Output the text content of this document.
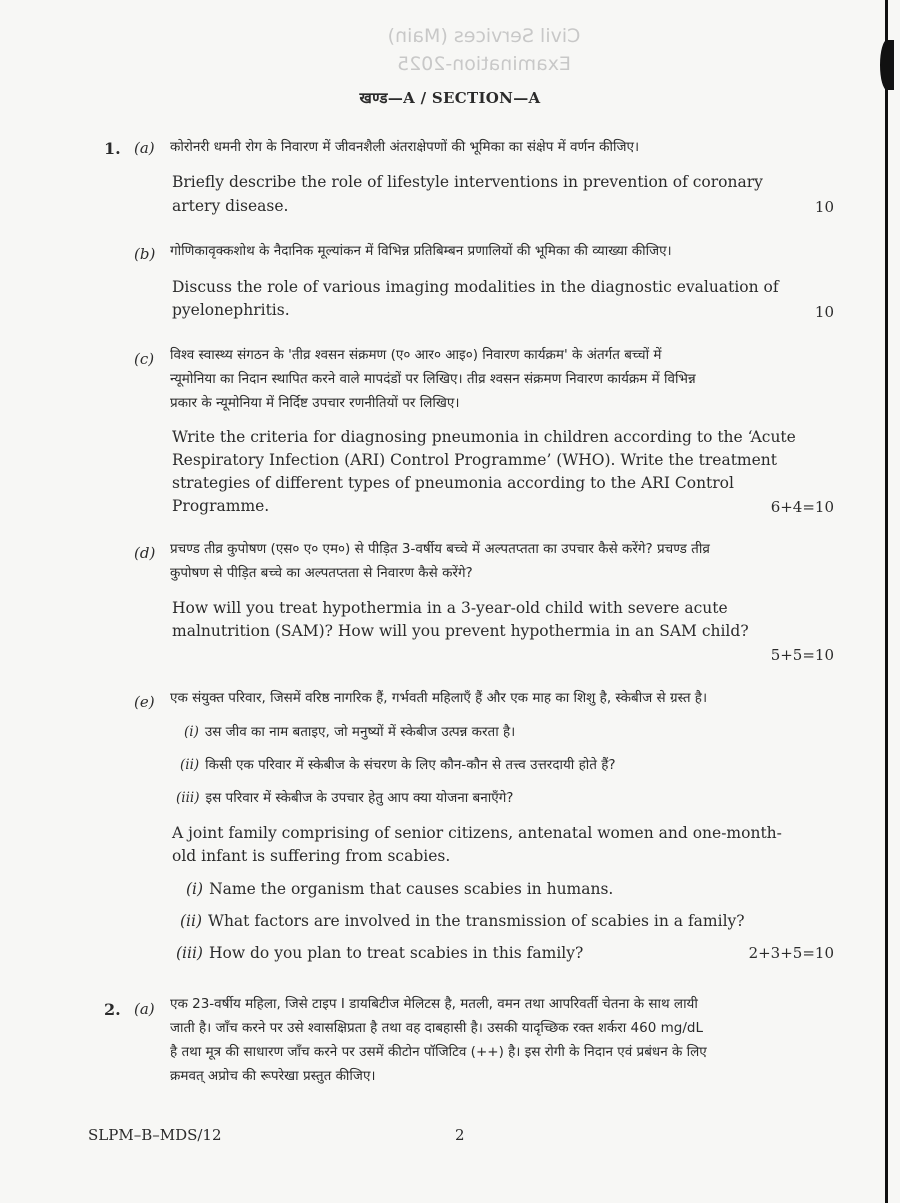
Civil Services (Main)
Examination-2025
खण्ड—A / SECTION—A
1. (a) कोरोनरी धमनी रोग के निवारण में जीवनशैली अंतराक्षेपणों की भूमिका का संक्षेप में वर्णन कीजिए।
Briefly describe the role of lifestyle interventions in prevention of coronary
artery disease.	10
(b) गोणिकावृक्कशोथ के नैदानिक मूल्यांकन में विभिन्न प्रतिबिम्बन प्रणालियों की भूमिका की व्याख्या कीजिए।
Discuss the role of various imaging modalities in the diagnostic evaluation of
pyelonephritis.	10
(c) विश्व स्वास्थ्य संगठन के 'तीव्र श्वसन संक्रमण (ए० आर० आइ०) निवारण कार्यक्रम' के अंतर्गत बच्चों में
न्यूमोनिया का निदान स्थापित करने वाले मापदंडों पर लिखिए। तीव्र श्वसन संक्रमण निवारण कार्यक्रम में विभिन्न
प्रकार के न्यूमोनिया में निर्दिष्ट उपचार रणनीतियों पर लिखिए।
Write the criteria for diagnosing pneumonia in children according to the ‘Acute
Respiratory Infection (ARI) Control Programme’ (WHO). Write the treatment
strategies of different types of pneumonia according to the ARI Control
Programme.	6+4=10
(d) प्रचण्ड तीव्र कुपोषण (एस० ए० एम०) से पीड़ित 3-वर्षीय बच्चे में अल्पतप्तता का उपचार कैसे करेंगे? प्रचण्ड तीव्र
कुपोषण से पीड़ित बच्चे का अल्पतप्तता से निवारण कैसे करेंगे?
How will you treat hypothermia in a 3-year-old child with severe acute
malnutrition (SAM)? How will you prevent hypothermia in an SAM child?
5+5=10
(e) एक संयुक्त परिवार, जिसमें वरिष्ठ नागरिक हैं, गर्भवती महिलाएँ हैं और एक माह का शिशु है, स्केबीज से ग्रस्त है।
(i) उस जीव का नाम बताइए, जो मनुष्यों में स्केबीज उत्पन्न करता है।
(ii) किसी एक परिवार में स्केबीज के संचरण के लिए कौन-कौन से तत्त्व उत्तरदायी होते हैं?
(iii) इस परिवार में स्केबीज के उपचार हेतु आप क्या योजना बनाएँगे?
A joint family comprising of senior citizens, antenatal women and one-month-
old infant is suffering from scabies.
(i) Name the organism that causes scabies in humans.
(ii) What factors are involved in the transmission of scabies in a family?
(iii) How do you plan to treat scabies in this family?	2+3+5=10
2. (a) एक 23-वर्षीय महिला, जिसे टाइप I डायबिटीज मेलिटस है, मतली, वमन तथा आपरिवर्ती चेतना के साथ लायी
जाती है। जाँच करने पर उसे श्वासक्षिप्रता है तथा वह दाबहासी है। उसकी यादृच्छिक रक्त शर्करा 460 mg/dL
है तथा मूत्र की साधारण जाँच करने पर उसमें कीटोन पॉजिटिव (++) है। इस रोगी के निदान एवं प्रबंधन के लिए
क्रमवत् अप्रोच की रूपरेखा प्रस्तुत कीजिए।
SLPM–B–MDS/12	2
